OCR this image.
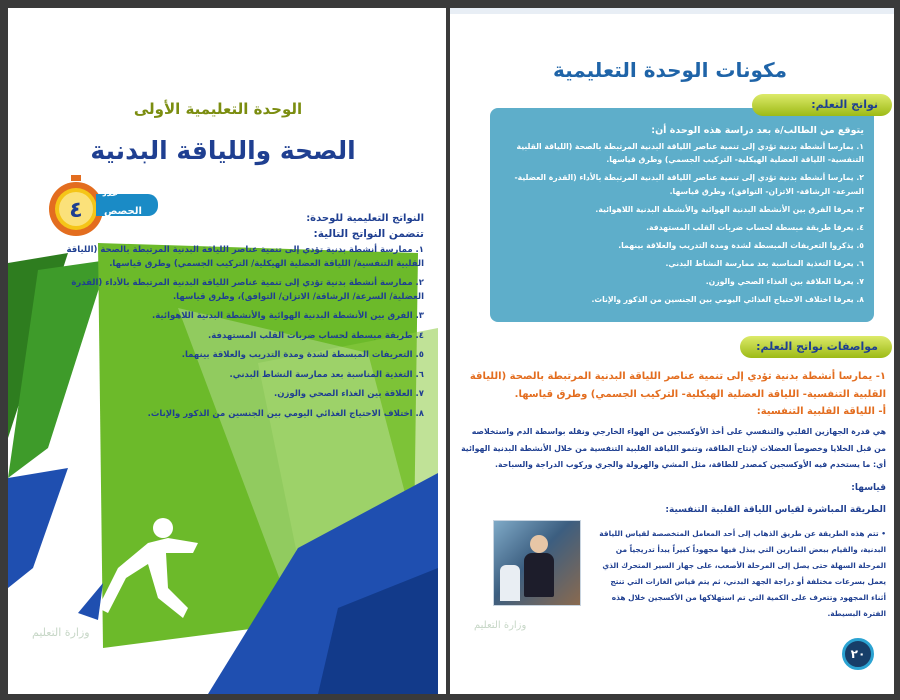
الوحدة التعليمية الأولى
الصحة واللياقة البدنية
٤
عدد
الحصص
النواتج التعليمية للوحدة:
تتضمن النواتج التالية:
١. ممارسة أنشطة بدنية تؤدي إلى تنمية عناصر اللياقة البدنية المرتبطة بالصحة (اللياقة القلبية التنفسية/ اللياقة العضلية الهيكلية/ التركيب الجسمي) وطرق قياسها.
٢. ممارسة أنشطة بدنية تؤدي إلى تنمية عناصر اللياقة البدنية المرتبطة بالأداء (القدرة العضلية/ السرعة/ الرشاقة/ الاتزان/ التوافق)، وطرق قياسها.
٣. الفرق بين الأنشطة البدنية الهوائية والأنشطة البدنية اللاهوائية.
٤. طريقة مبسطة لحساب ضربات القلب المستهدفة.
٥. التعريفات المبسطة لشدة ومدة التدريب والعلاقة بينهما.
٦. التغذية المناسبة بعد ممارسة النشاط البدني.
٧. العلاقة بين الغذاء الصحي والوزن.
٨. اختلاف الاحتياج الغذائي اليومي بين الجنسين من الذكور والإناث.
وزارة التعليم
مكونات الوحدة التعليمية
يتوقع من الطالب/ة بعد دراسة هذه الوحدة أن:
١. يمارسا أنشطة بدنية تؤدي إلى تنمية عناصر اللياقة البدنية المرتبطة بالصحة (اللياقة القلبية التنفسية- اللياقة العضلية الهيكلية- التركيب الجسمي) وطرق قياسها.
٢. يمارسا أنشطة بدنية تؤدي إلى تنمية عناصر اللياقة البدنية المرتبطة بالأداء (القدرة العضلية- السرعة- الرشاقة- الاتزان- التوافق)، وطرق قياسها.
٣. يعرفا الفرق بين الأنشطة البدنية الهوائية والأنشطة البدنية اللاهوائية.
٤. يعرفا طريقة مبسطة لحساب ضربات القلب المستهدفة.
٥. يذكروا التعريفات المبسطة لشدة ومدة التدريب والعلاقة بينهما.
٦. يعرفا التغذية المناسبة بعد ممارسة النشاط البدني.
٧. يعرفا العلاقة بين الغذاء الصحي والوزن.
٨. يعرفا اختلاف الاحتياج الغذائي اليومي بين الجنسين من الذكور والإناث.
نواتج التعلم:
مواصفات نواتج التعلم:
١- يمارسا أنشطة بدنية تؤدي إلى تنمية عناصر اللياقة البدنية المرتبطة بالصحة (اللياقة القلبية التنفسية- اللياقة العضلية الهيكلية- التركيب الجسمي) وطرق قياسها.
أ- اللياقة القلبية التنفسية:
هي قدرة الجهازين القلبي والتنفسي على أخذ الأوكسجين من الهواء الخارجي ونقله بواسطة الدم واستخلاصه من قبل الخلايا وخصوصاً العضلات لإنتاج الطاقة، وتنمو اللياقة القلبية التنفسية من خلال الأنشطة البدنية الهوائية أي: ما يستخدم فيه الأوكسجين كمصدر للطاقة، مثل المشي والهرولة والجري وركوب الدراجة والسباحة.
قياسها:
الطريقة المباشرة لقياس اللياقة القلبية التنفسية:
• تتم هذه الطريقة عن طريق الذهاب إلى أحد المعامل المتخصصة لقياس اللياقة البدنية، والقيام ببعض التمارين التي يبذل فيها مجهوداً كبيراً يبدأ تدريجياً من المرحلة السهلة حتى يصل إلى المرحلة الأصعب، على جهاز السير المتحرك الذي يعمل بسرعات مختلفة أو دراجة الجهد البدني، ثم يتم قياس الغازات التي تنتج أثناء المجهود وتتعرف على الكمية التي تم استهلاكها من الأكسجين خلال هذه الفترة البسيطة.
وزارة التعليم
٢٠
